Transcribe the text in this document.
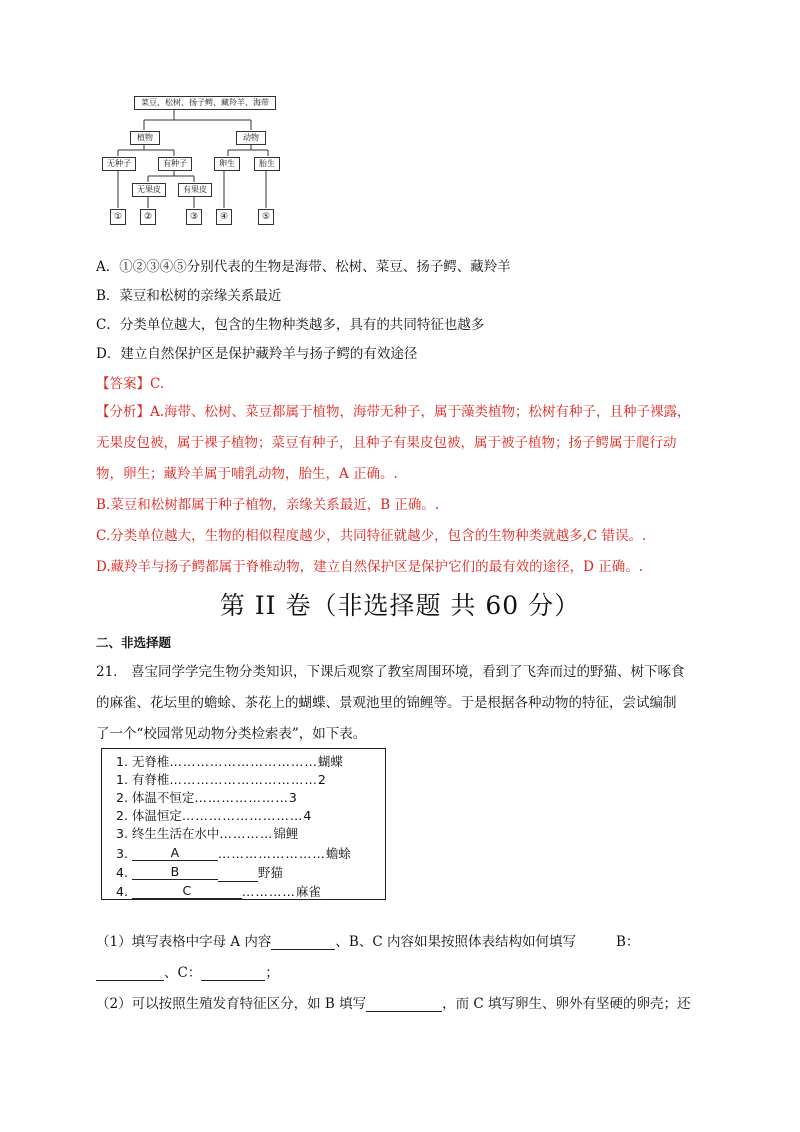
菜豆、松树、扬子鳄、藏羚羊、海带
植物	动物
无种子	有种子	卵生	胎生
无果皮	有果皮
①	②	③	④	⑤
A．①②③④⑤分别代表的生物是海带、松树、菜豆、扬子鳄、藏羚羊
B．菜豆和松树的亲缘关系最近
C．分类单位越大，包含的生物种类越多，具有的共同特征也越多
D．建立自然保护区是保护藏羚羊与扬子鳄的有效途径
【答案】C.
【分析】A.海带、松树、菜豆都属于植物，海带无种子，属于藻类植物；松树有种子，且种子裸露，
无果皮包被，属于裸子植物；菜豆有种子，且种子有果皮包被，属于被子植物；扬子鳄属于爬行动
物，卵生；藏羚羊属于哺乳动物，胎生，A 正确。.
B.菜豆和松树都属于种子植物，亲缘关系最近，B 正确。.
C.分类单位越大，生物的相似程度越少，共同特征就越少，包含的生物种类就越多,C 错误。.
D.藏羚羊与扬子鳄都属于脊椎动物，建立自然保护区是保护它们的最有效的途径，D 正确。.
第 II 卷（非选择题 共 60 分）
二、非选择题
21． 喜宝同学学完生物分类知识，下课后观察了教室周围环境，看到了飞奔而过的野猫、树下啄食
的麻雀、花坛里的蟾蜍、茶花上的蝴蝶、景观池里的锦鲤等。于是根据各种动物的特征，尝试编制
了一个“校园常见动物分类检索表”，如下表。
1. 无脊椎……………………………蝴蝶
1. 有脊椎……………………………2
2. 体温不恒定…………………3
2. 体温恒定………………………4
3. 终生生活在水中…………锦鲤
3.	A	……………………蟾蜍
4.	B	野猫
4.	C	…………麻雀
（1）填写表格中字母 A 内容	、B、C 内容如果按照体表结构如何填写	B：
、C：	；
（2）可以按照生殖发育特征区分，如 B 填写	，而 C 填写卵生、卵外有坚硬的卵壳；还
